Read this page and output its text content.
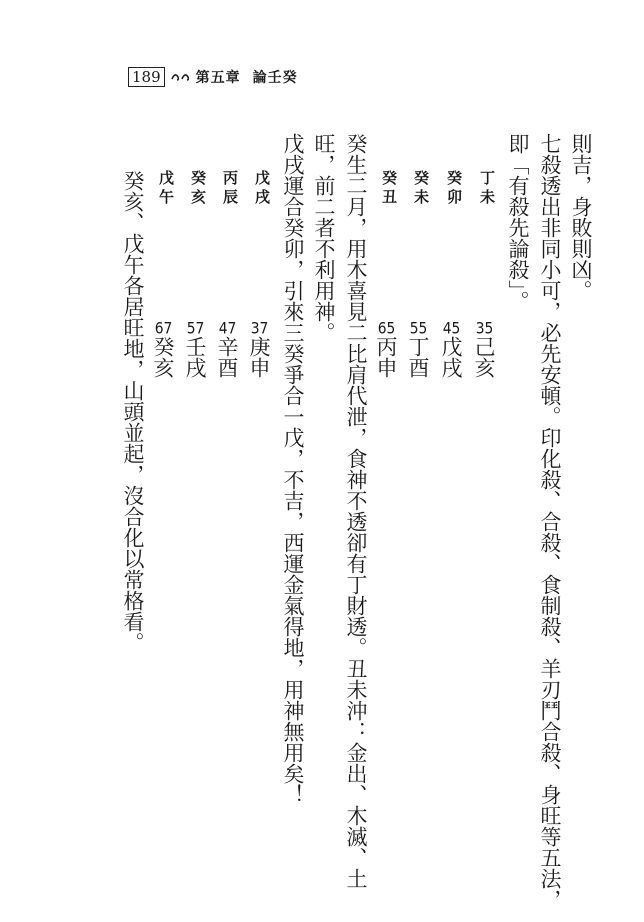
189	第五章 論壬癸
則吉，身敗則凶。
七殺透出非同小可，必先安頓。印化殺、合殺、食制殺、羊刃鬥合殺、身旺等五法，
即「有殺先論殺」。
丁未
癸卯
癸未
癸丑
35己亥
45戊戌
55丁酉
65丙申
癸生二月，用木喜見二比肩代泄，食神不透卻有丁財透。丑未沖：金出、木滅、土
旺，前二者不利用神。
戊戌運合癸卯，引來三癸爭合一戊，不吉，西運金氣得地，用神無用矣！
戊戌
丙辰
癸亥
戊午
37庚申
47辛酉
57壬戌
67癸亥
癸亥、戊午各居旺地，山頭並起，沒合化以常格看。
